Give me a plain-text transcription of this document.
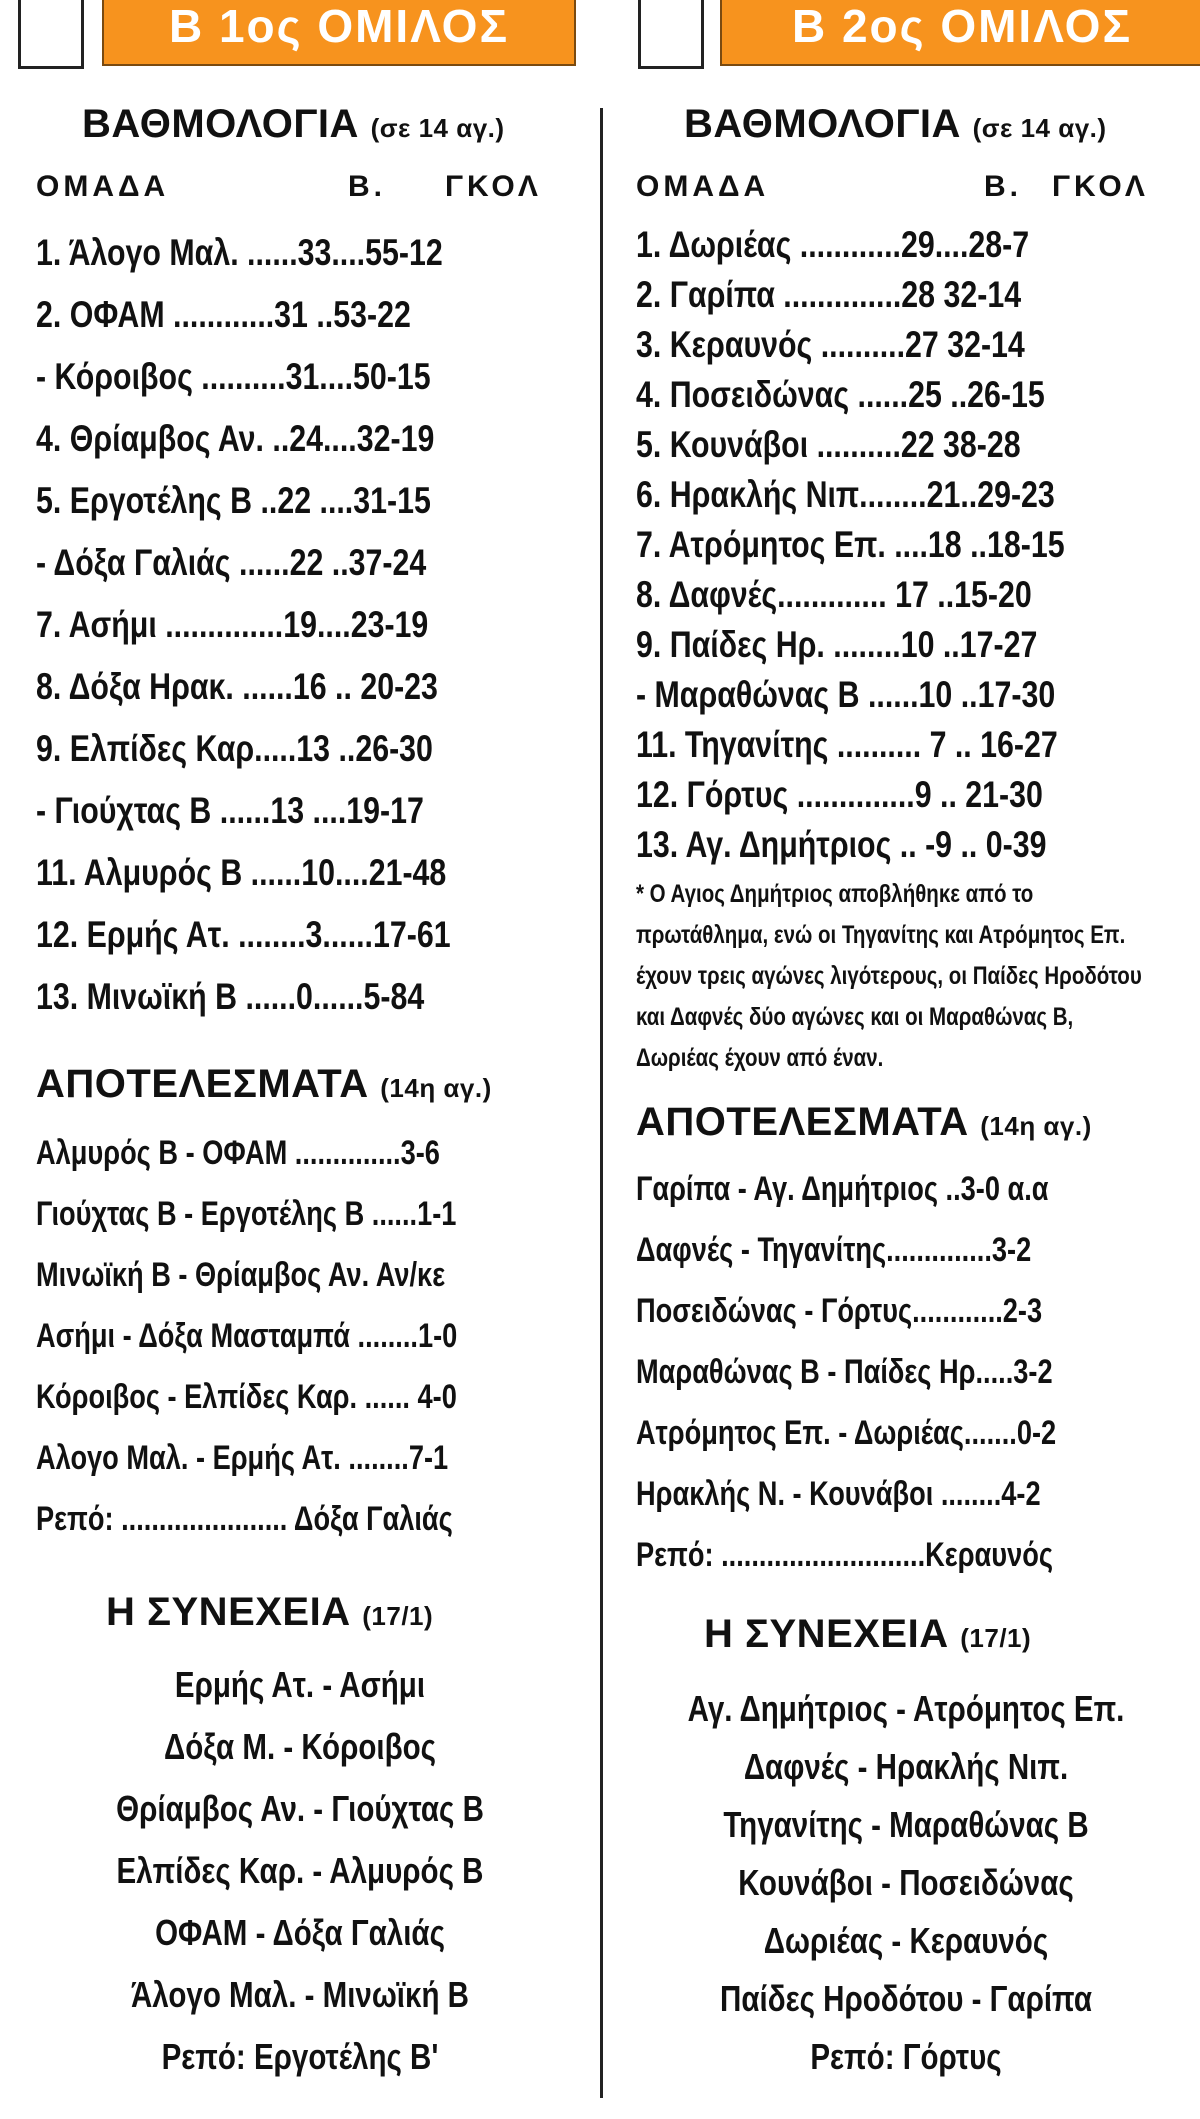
Β 1ος ΟΜΙΛΟΣ
ΒΑΘΜΟΛΟΓΙΑ (σε 14 αγ.)
ΟΜΑΔΑ	Β. ΓΚΟΛ
1. Άλογο Μαλ. ......33....55-12
2. ΟΦΑΜ ............31 ..53-22
- Κόροιβος ..........31....50-15
4. Θρίαμβος Αν. ..24....32-19
5. Εργοτέλης Β ..22 ....31-15
- Δόξα Γαλιάς ......22 ..37-24
7. Ασήμι ..............19....23-19
8. Δόξα Ηρακ. ......16 .. 20-23
9. Ελπίδες Καρ.....13 ..26-30
- Γιούχτας Β ......13 ....19-17
11. Αλμυρός Β ......10....21-48
12. Ερμής Ατ. ........3......17-61
13. Μινωϊκή Β ......0......5-84
ΑΠΟΤΕΛΕΣΜΑΤΑ (14η αγ.)
Αλμυρός Β - ΟΦΑΜ ..............3-6
Γιούχτας Β - Εργοτέλης Β ......1-1
Μινωϊκή Β - Θρίαμβος Αν. Αν/κε
Ασήμι - Δόξα Μασταμπά ........1-0
Κόροιβος - Ελπίδες Καρ. ...... 4-0
Αλογο Μαλ. - Ερμής Ατ. ........7-1
Ρεπό: ...................... Δόξα Γαλιάς
Η ΣΥΝΕΧΕΙΑ (17/1)
Ερμής Ατ. - Ασήμι
Δόξα Μ. - Κόροιβος
Θρίαμβος Αν. - Γιούχτας Β
Ελπίδες Καρ. - Αλμυρός Β
ΟΦΑΜ - Δόξα Γαλιάς
Άλογο Μαλ. - Μινωϊκή Β
Ρεπό: Εργοτέλης Β'
Β 2ος ΟΜΙΛΟΣ
ΒΑΘΜΟΛΟΓΙΑ (σε 14 αγ.)
ΟΜΑΔΑ	Β. ΓΚΟΛ
1. Δωριέας ............29....28-7
2. Γαρίπα ..............28 32-14
3. Κεραυνός ..........27 32-14
4. Ποσειδώνας ......25 ..26-15
5. Κουνάβοι ..........22 38-28
6. Ηρακλής Νιπ........21..29-23
7. Ατρόμητος Επ. ....18 ..18-15
8. Δαφνές............. 17 ..15-20
9. Παίδες Ηρ. ........10 ..17-27
- Μαραθώνας Β ......10 ..17-30
11. Τηγανίτης .......... 7 .. 16-27
12. Γόρτυς ..............9 .. 21-30
13. Αγ. Δημήτριος .. -9 .. 0-39
* Ο Αγιος Δημήτριος αποβλήθηκε από το πρωτάθλημα, ενώ οι Τηγανίτης και Ατρόμητος Επ. έχουν τρεις αγώνες λιγότερους, οι Παίδες Ηροδότου και Δαφνές δύο αγώνες και οι Μαραθώνας Β, Δωριέας έχουν από έναν.
ΑΠΟΤΕΛΕΣΜΑΤΑ (14η αγ.)
Γαρίπα - Αγ. Δημήτριος ..3-0 α.α
Δαφνές - Τηγανίτης..............3-2
Ποσειδώνας - Γόρτυς............2-3
Μαραθώνας Β - Παίδες Ηρ.....3-2
Ατρόμητος Επ. - Δωριέας.......0-2
Ηρακλής Ν. - Κουνάβοι ........4-2
Ρεπό: ...........................Κεραυνός
Η ΣΥΝΕΧΕΙΑ (17/1)
Αγ. Δημήτριος - Ατρόμητος Επ.
Δαφνές - Ηρακλής Νιπ.
Τηγανίτης - Μαραθώνας Β
Κουνάβοι - Ποσειδώνας
Δωριέας - Κεραυνός
Παίδες Ηροδότου - Γαρίπα
Ρεπό: Γόρτυς
